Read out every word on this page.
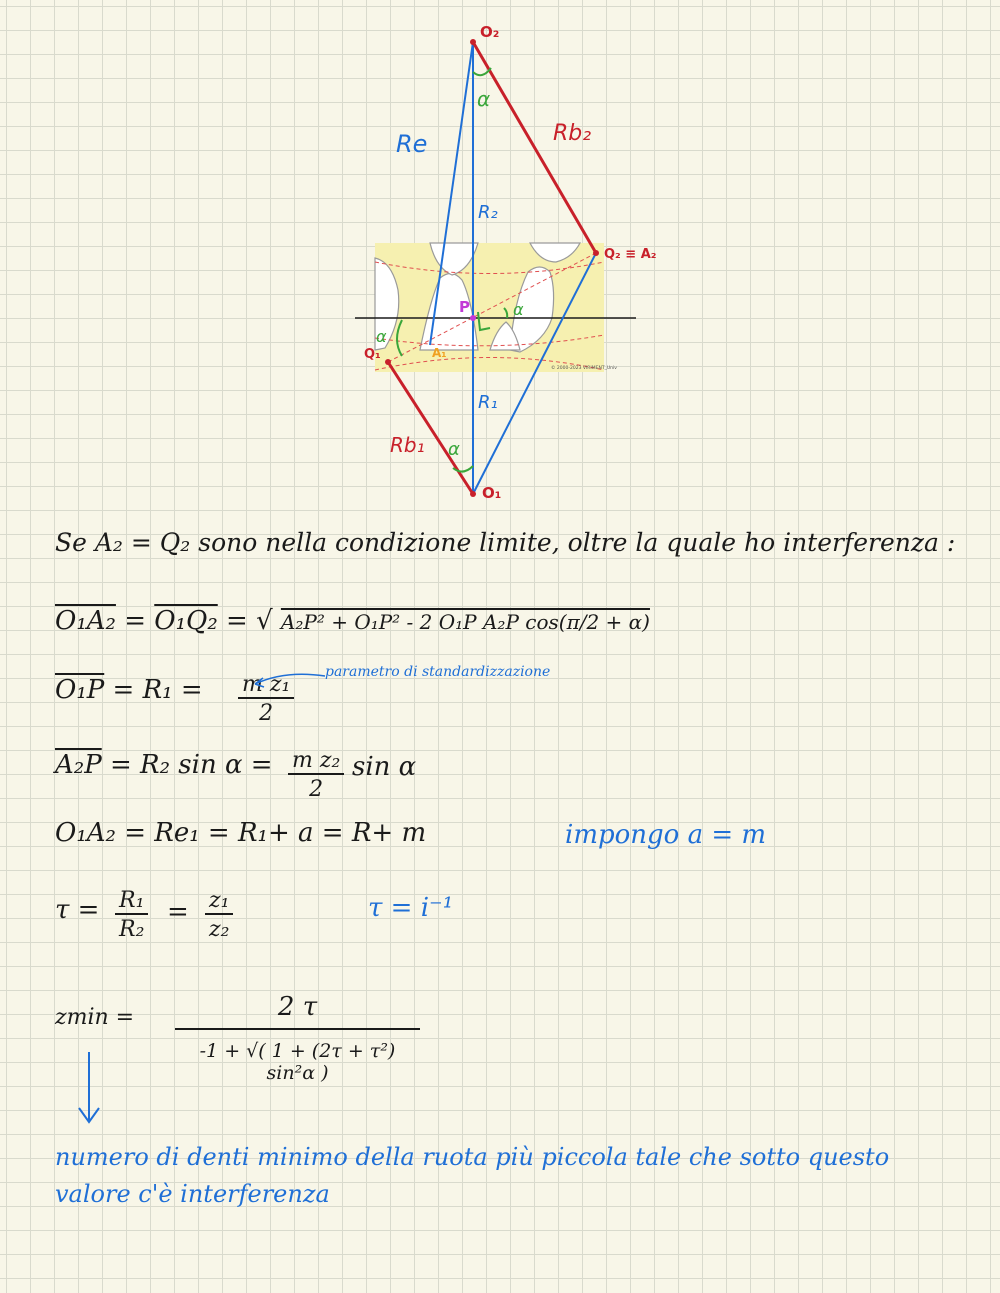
O₂
O₁
Re	Rb₂
R₂
R₁
Rb₁
Q₂ ≡ A₂
Q₁	A₁
P
α
α
α
α
© 2000-2023 VIRIMENT_Univ
Se A₂ = Q₂ sono nella condizione limite, oltre la quale ho interferenza :
O₁A₂ = O₁Q₂ = √ A₂P² + O₁P² - 2 O₁P A₂P cos(π/2 + α)
$O_1P = R_1 = \frac{\text{m z₁}}{2}$ parametro di standardizzazione
A₂P = R₂ $\sin \alpha = \frac{\text{m z₂}}{2}$ sin α
O₁A₂ = Re₁ = R₁+ a = R+ m	impongo a = m
$\tau = \frac{\text{R₁}}{\text{R₂}} = \frac{\text{z₁}}{\text{z₂}}$	τ = i⁻¹
zmin =	2 τ
-1 + √( 1 + (2τ + τ²) sin²α )
numero di denti minimo della ruota più piccola tale che sotto questo
valore c'è interferenza
